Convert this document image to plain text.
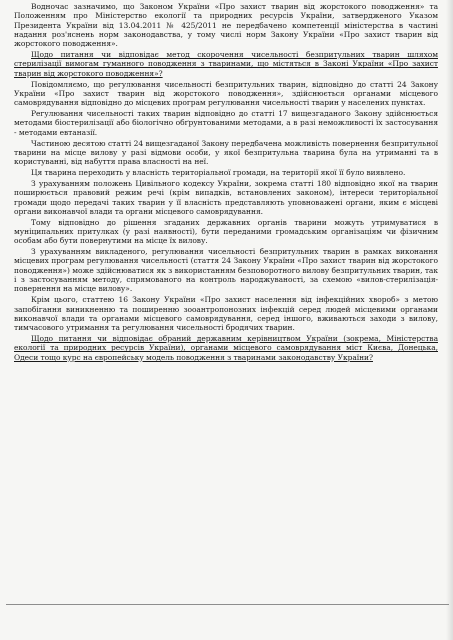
Водночас зазначимо, що Законом України «Про захист тварин від жорстокого поводження» та Положенням про Міністерство екології та природних ресурсів України, затвердженого Указом Президента України від 13.04.2011 № 425/2011 не передбачено компетенції міністерства в частині надання роз'яснень норм законодавства, у тому числі норм Закону України «Про захист тварин від жорстокого поводження».

Щодо питання чи відповідає метод скорочення чисельності безпритульних тварин шляхом стерилізації вимогам гуманного поводження з тваринами, що містяться в Законі України «Про захист тварин від жорстокого поводження»?

Повідомляємо, що регулювання чисельності безпритульних тварин, відповідно до статті 24 Закону України «Про захист тварин від жорстокого поводження», здійснюється органами місцевого самоврядування відповідно до місцевих програм регулювання чисельності тварин у населених пунктах.

Регулювання чисельності таких тварин відповідно до статті 17 вищезгаданого Закону здійснюється методами біостерилізації або біологічно обґрунтованими методами, а в разі неможливості їх застосування - методами евтаназії.

Частиною десятою статті 24 вищезгаданої Закону передбачена можливість повернення безпритульної тварини на місце вилову у разі відмови особи, у якої безпритульна тварина була на утриманні та в користуванні, від набуття права власності на неї.

Ця тварина переходить у власність територіальної громади, на території якої її було виявлено.

З урахуванням положень Цивільного кодексу України, зокрема статті 180 відповідно якої на тварин поширюється правовий режим речі (крім випадків, встановлених законом), інтереси територіальної громади щодо передачі таких тварин у її власність представляють уповноважені органи, яким є місцеві органи виконавчої влади та органи місцевого самоврядування.

Тому відповідно до рішення згаданих державних органів тварини можуть утримуватися в муніципальних притулках (у разі наявності), бути переданими громадським організаціям чи фізичним особам або бути повернутими на місце їх вилову.

З урахуванням викладеного, регулювання чисельності безпритульних тварин в рамках виконання місцевих програм регулювання чисельності (стаття 24 Закону України «Про захист тварин від жорстокого поводження») може здійснюватися як з використанням безповоротного вилову безпритульних тварин, так і з застосуванням методу, спрямованого на контроль народжуваності, за схемою «вилов-стерилізація-повернення на місце вилову».

Крім цього, статтею 16 Закону України «Про захист населення від інфекційних хвороб» з метою запобігання виникненню та поширенню зооантропонозних інфекцій серед людей місцевими органами виконавчої влади та органами місцевого самоврядування, серед іншого, вживаються заходи з вилову, тимчасового утримання та регулювання чисельності бродячих тварин.

Щодо питання чи відповідає обраний державним керівництвом України (зокрема, Міністерства екології та природних ресурсів України), органами місцевого самоврядування міст Києва, Донецька, Одеси тощо курс на європейську модель поводження з тваринами законодавству України?
